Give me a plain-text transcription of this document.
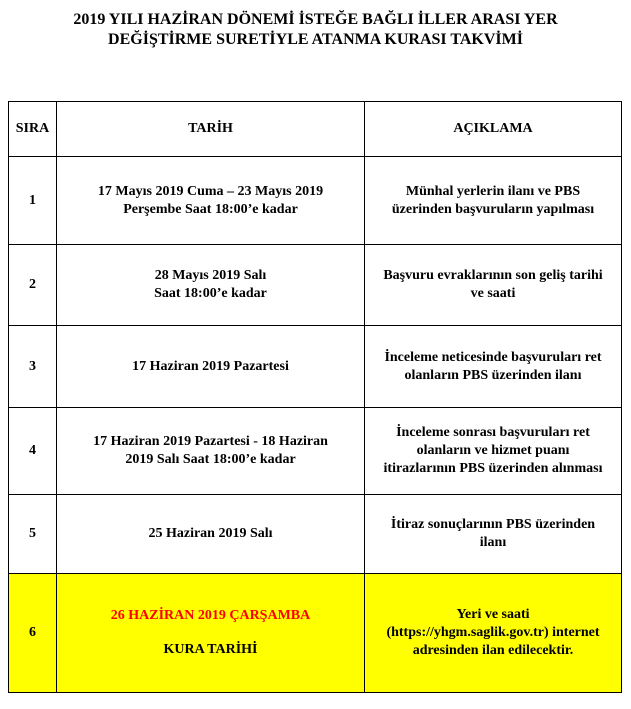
2019 YILI HAZİRAN DÖNEMİ İSTEĞE BAĞLI İLLER ARASI YER
DEĞİŞTİRME SURETİYLE ATANMA KURASI TAKVİMİ
SIRA	TARİH	AÇIKLAMA
1	17 Mayıs 2019 Cuma – 23 Mayıs 2019
Perşembe Saat 18:00’e kadar	Münhal yerlerin ilanı ve PBS
üzerinden başvuruların yapılması

2	28 Mayıs 2019 Salı
Saat 18:00’e kadar	Başvuru evraklarının son geliş tarihi
ve saati

3	17 Haziran 2019 Pazartesi	İnceleme neticesinde başvuruları ret
olanların PBS üzerinden ilanı

4	17 Haziran 2019 Pazartesi - 18 Haziran
2019 Salı Saat 18:00’e kadar	İnceleme sonrası başvuruları ret
olanların ve hizmet puanı
itirazlarının PBS üzerinden alınması

5	25 Haziran 2019 Salı	İtiraz sonuçlarının PBS üzerinden
ilanı

6	26 HAZİRAN 2019 ÇARŞAMBA
KURA TARİHİ	Yeri ve saati
(https://yhgm.saglik.gov.tr) internet
adresinden ilan edilecektir.
